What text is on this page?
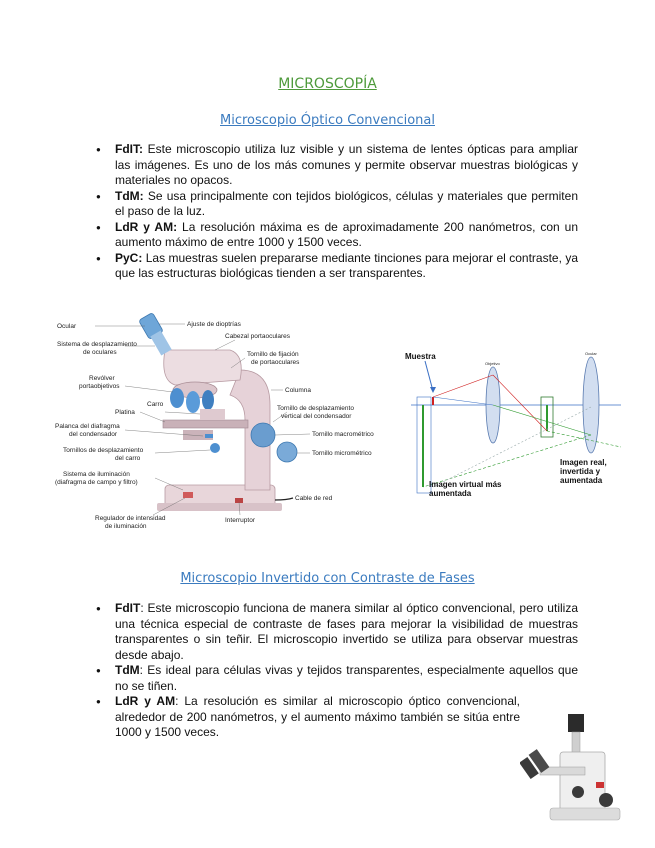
MICROSCOPÍA
Microscopio Óptico Convencional
● FdIT: Este microscopio utiliza luz visible y un sistema de lentes ópticas para ampliar las imágenes. Es uno de los más comunes y permite observar muestras biológicas y materiales no opacos.
● TdM: Se usa principalmente con tejidos biológicos, células y materiales que permiten el paso de la luz.
● LdR y AM: La resolución máxima es de aproximadamente 200 nanómetros, con un aumento máximo de entre 1000 y 1500 veces.
● PyC: Las muestras suelen prepararse mediante tinciones para mejorar el contraste, ya que las estructuras biológicas tienden a ser transparentes.
Ocular	Ajuste de dioptrías
Sistema de desplazamiento
de oculares
Cabezal portaoculares
Tornillo de fijación
de portaoculares
Revólver
portaobjetivos
Columna
Carro
Platina
Tornillo de desplazamiento
vertical del condensador
Palanca del diafragma
del condensador	Tornillo macrométrico
Tornillo micrométrico
Tornillos de desplazamiento
del carro
Sistema de iluminación
(diafragma de campo y filtro)
Cable de red
Regulador de intensidad
de iluminación
Interruptor
Muestra
Objetivo
Ocular
Imagen real,
invertida y
aumentada
Imagen virtual más
aumentada
Microscopio Invertido con Contraste de Fases
● FdIT: Este microscopio funciona de manera similar al óptico convencional, pero utiliza una técnica especial de contraste de fases para mejorar la visibilidad de muestras transparentes o sin teñir. El microscopio invertido se utiliza para observar muestras desde abajo.
● TdM: Es ideal para células vivas y tejidos transparentes, especialmente aquellos que no se tiñen.
● LdR y AM: La resolución es similar al microscopio óptico convencional, alrededor de 200 nanómetros, y el aumento máximo también se sitúa entre 1000 y 1500 veces.
